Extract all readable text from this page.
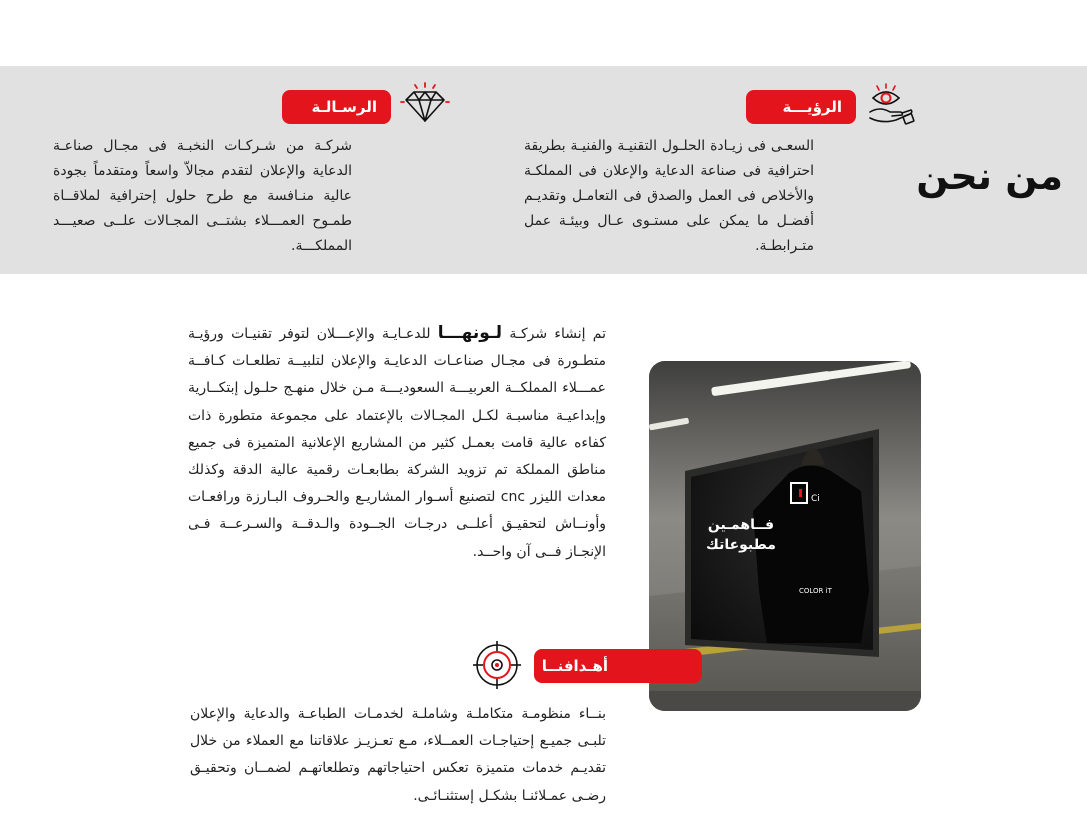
من نحن
الرؤيـــة
السعـى فى زيـادة الحلـول التقنيـة والفنيـة بطريقة احترافية فى صناعة الدعاية والإعلان فى المملكـة والأخلاص فى العمل والصدق فى التعامـل وتقديـم أفضـل ما يمكن على مستـوى عـال وبيئـة عمل متـرابطـة.
الرسـالـة
شركـة من شـركـات النخبـة فى مجـال صناعـة الدعاية والإعلان لتقدم مجالاّ واسعاً ومتقدماً بجودة عالية منـافسة مع طرح حلول إحترافية لملاقــاة طمـوح العمـــلاء بشتــى المجـالات علــى صعيـــد المملكـــة.
تم إنشاء شركـة لـونهـــا للدعـايـة والإعـــلان لتوفر تقنيـات ورؤيـة متطـورة فى مجـال صناعـات الدعايـة والإعلان لتلبيــة تطلعـات كـافــة عمـــلاء المملكــة العربيـــة السعوديـــة مـن خلال منهـج حلـول إبتكــارية وإبداعيـة مناسبـة لكـل المجـالات بالإعتماد على مجموعة متطورة ذات كفاءه عالية قامت بعمـل كثير من المشاريع الإعلانية المتميزة فى جميع مناطق المملكة تم تزويد الشركة بطابعـات رقمية عالية الدقة وكذلك معدات الليزر cnc لتصنيع أسـوار المشاريـع والحـروف البـارزة ورافعـات وأونــاش لتحقيـق أعلــى درجـات الجــودة والـدقــة والسـرعــة فـى الإنجـاز فــى آن واحــد.
Ci
فــاهمـين
مطبوعاتك
COLOR iT
أهـدافنــا
بنــاء منظومـة متكاملـة وشاملـة لخدمـات الطباعـة والدعاية والإعلان تلبـى جميـع إحتياجـات العمــلاء، مـع تعـزيـز علاقاتنا مع العملاء من خلال تقديـم خدمات متميزة تعكس احتياجاتهم وتطلعاتهـم لضمــان وتحقيـق رضـى عمـلائنـا بشكـل إستثنـائـى.
